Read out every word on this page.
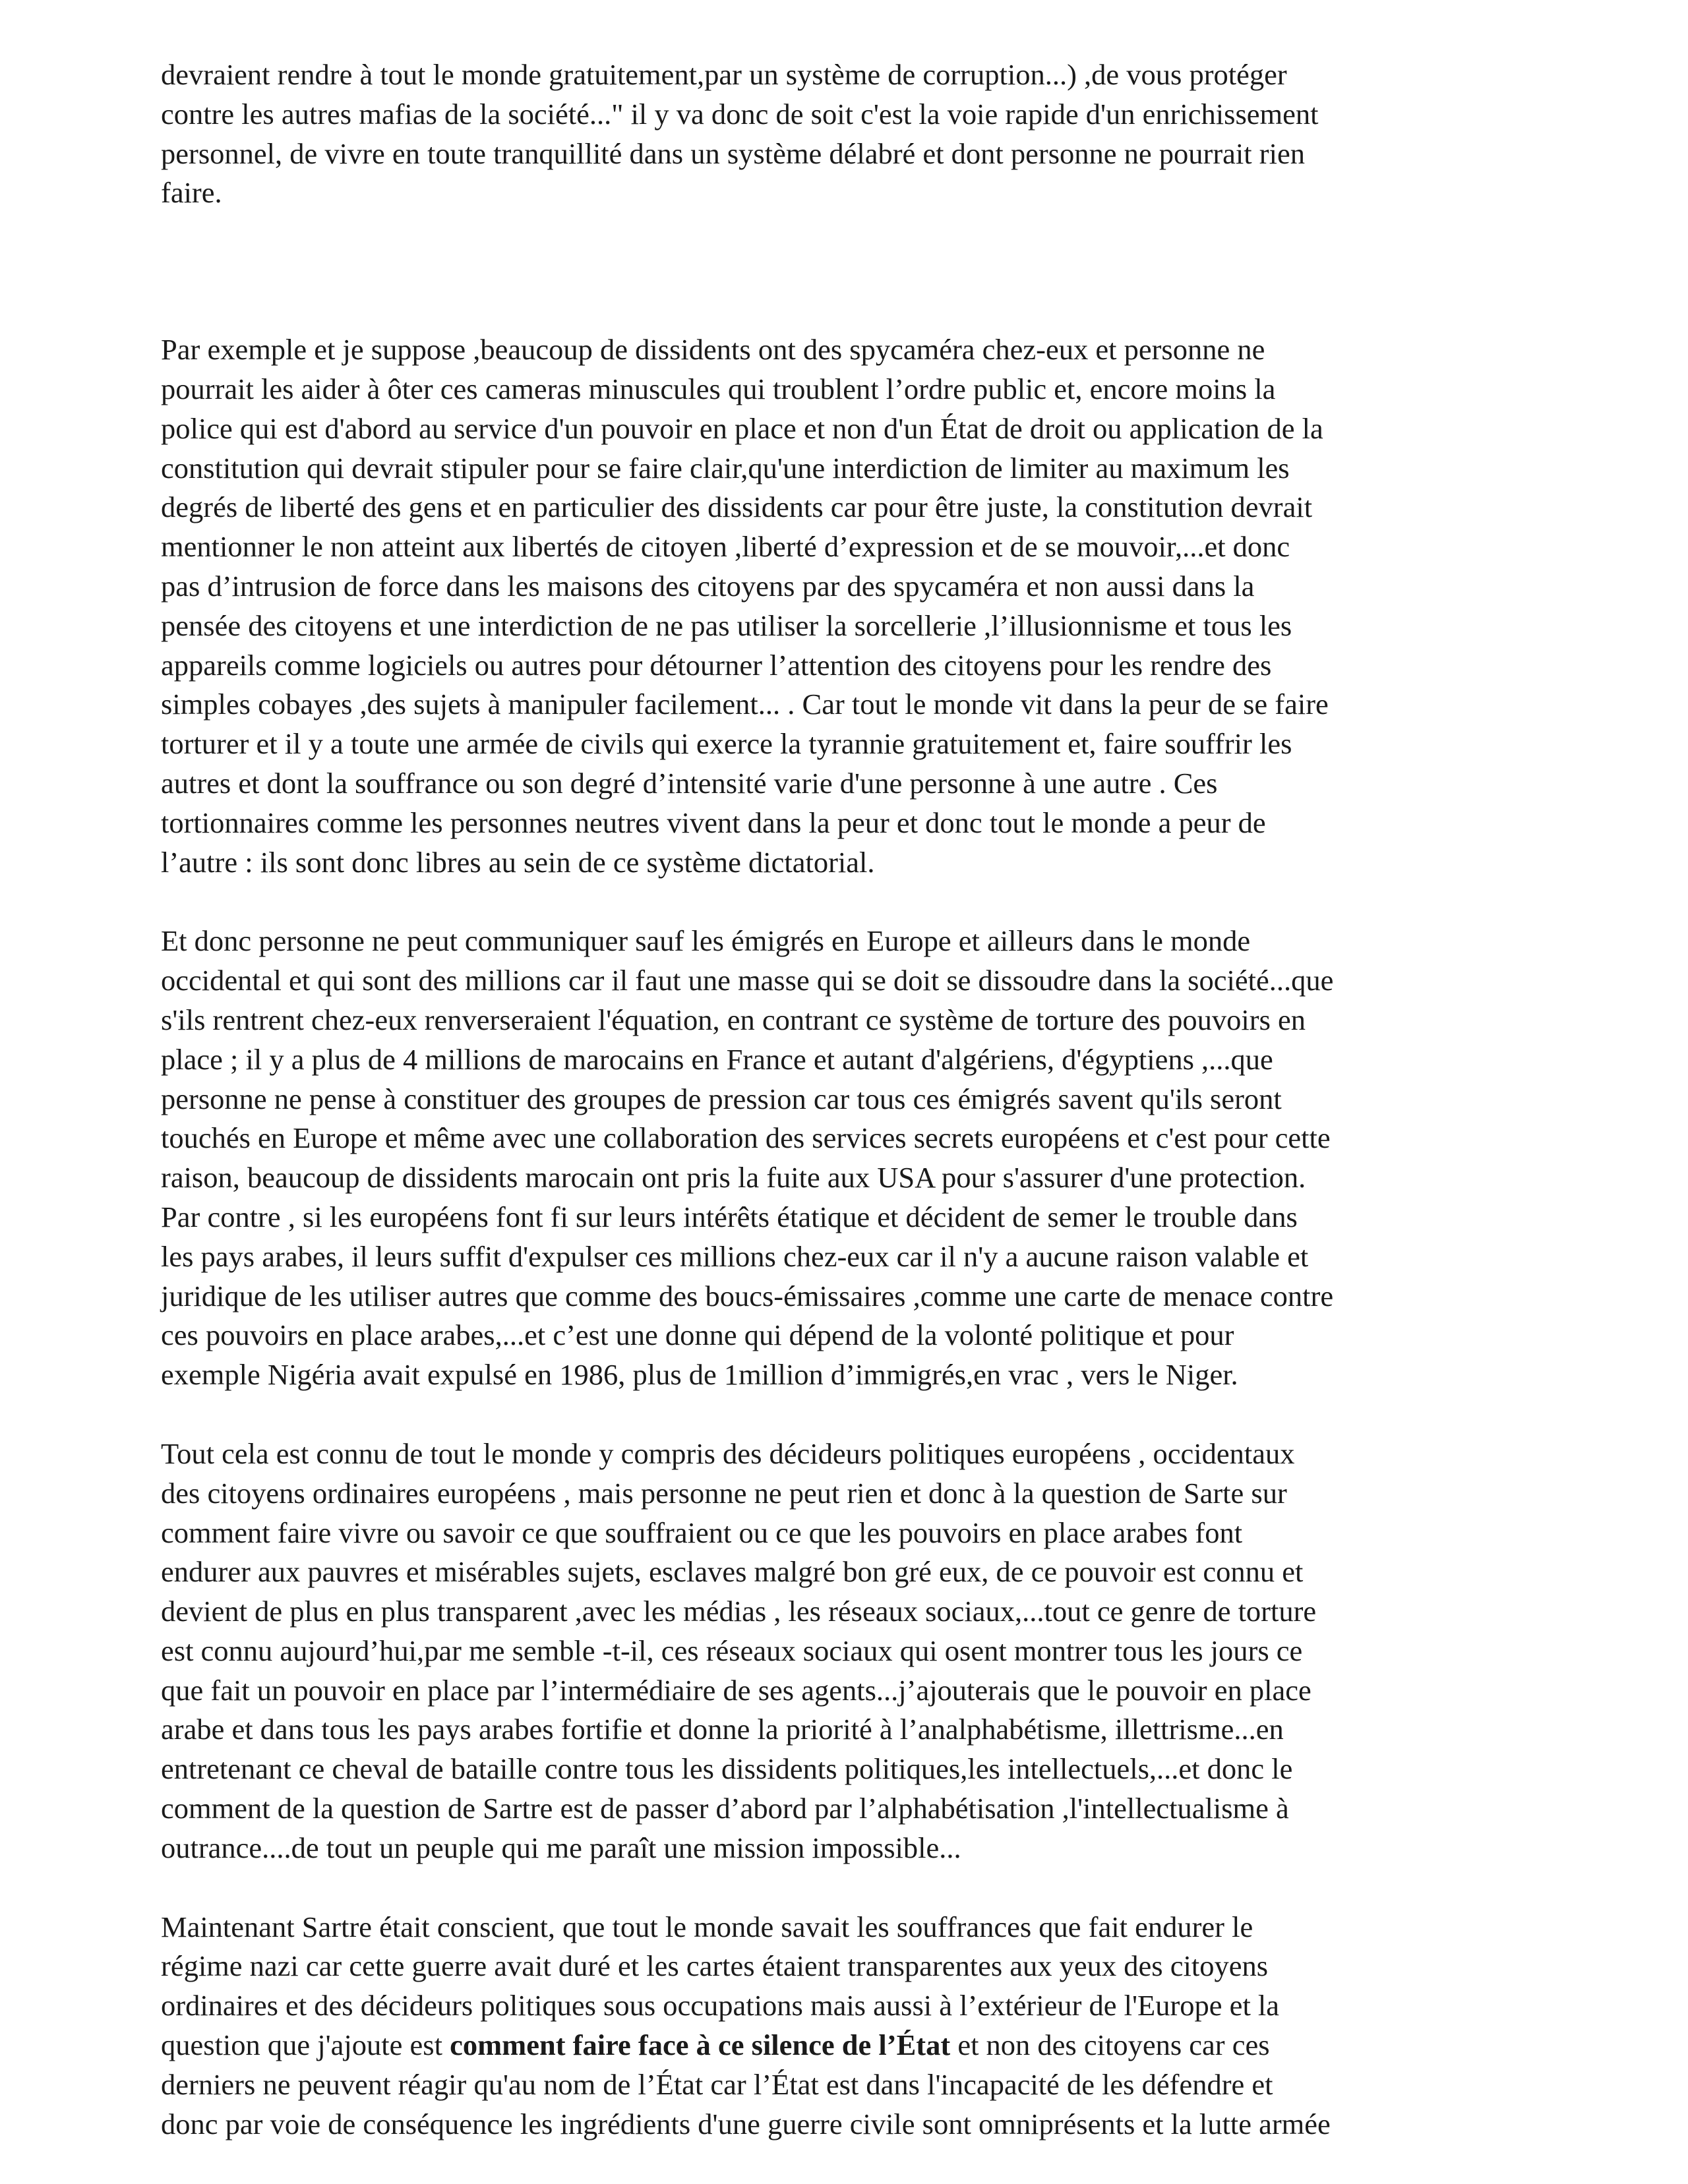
devraient rendre à tout le monde gratuitement,par un système de corruption...) ,de vous protéger
contre les autres mafias de la société..." il y va donc de soit c'est la voie rapide d'un enrichissement
personnel, de vivre en toute tranquillité dans un système délabré et dont personne ne pourrait rien
faire.

Par exemple et je suppose ,beaucoup de dissidents ont des spycaméra chez-eux et personne ne
pourrait les aider à ôter ces cameras minuscules qui troublent l’ordre public et, encore moins la
police qui est d'abord au service d'un pouvoir en place et non d'un État de droit ou application de la
constitution qui devrait stipuler pour se faire clair,qu'une interdiction de limiter au maximum les
degrés de liberté des gens et en particulier des dissidents car pour être juste, la constitution devrait
mentionner le non atteint aux libertés de citoyen ,liberté d’expression et de se mouvoir,...et donc
pas d’intrusion de force dans les maisons des citoyens par des spycaméra et non aussi dans la
pensée des citoyens et une interdiction de ne pas utiliser la sorcellerie ,l’illusionnisme et tous les
appareils comme logiciels ou autres pour détourner l’attention des citoyens pour les rendre des
simples cobayes ,des sujets à manipuler facilement... . Car tout le monde vit dans la peur de se faire
torturer et il y a toute une armée de civils qui exerce la tyrannie gratuitement et, faire souffrir les
autres et dont la souffrance ou son degré d’intensité varie d'une personne à une autre . Ces
tortionnaires comme les personnes neutres vivent dans la peur et donc tout le monde a peur de
l’autre : ils sont donc libres au sein de ce système dictatorial.

Et donc personne ne peut communiquer sauf les émigrés en Europe et ailleurs dans le monde
occidental et qui sont des millions car il faut une masse qui se doit se dissoudre dans la société...que
s'ils rentrent chez-eux renverseraient l'équation, en contrant ce système de torture des pouvoirs en
place ; il y a plus de 4 millions de marocains en France et autant d'algériens, d'égyptiens ,...que
personne ne pense à constituer des groupes de pression car tous ces émigrés savent qu'ils seront
touchés en Europe et même avec une collaboration des services secrets européens et c'est pour cette
raison, beaucoup de dissidents marocain ont pris la fuite aux USA pour s'assurer d'une protection.
Par contre , si les européens font fi sur leurs intérêts étatique et décident de semer le trouble dans
les pays arabes, il leurs suffit d'expulser ces millions chez-eux car il n'y a aucune raison valable et
juridique de les utiliser autres que comme des boucs-émissaires ,comme une carte de menace contre
ces pouvoirs en place arabes,...et c’est une donne qui dépend de la volonté politique et pour
exemple Nigéria avait expulsé en 1986, plus de 1million d’immigrés,en vrac , vers le Niger.

Tout cela est connu de tout le monde y compris des décideurs politiques européens , occidentaux
des citoyens ordinaires européens , mais personne ne peut rien et donc à la question de Sarte sur
comment faire vivre ou savoir ce que souffraient ou ce que les pouvoirs en place arabes font
endurer aux pauvres et misérables sujets, esclaves malgré bon gré eux, de ce pouvoir est connu et
devient de plus en plus transparent ,avec les médias , les réseaux sociaux,...tout ce genre de torture
est connu aujourd’hui,par me semble -t-il, ces réseaux sociaux qui osent montrer tous les jours ce
que fait un pouvoir en place par l’intermédiaire de ses agents...j’ajouterais que le pouvoir en place
arabe et dans tous les pays arabes fortifie et donne la priorité à l’analphabétisme, illettrisme...en
entretenant ce cheval de bataille contre tous les dissidents politiques,les intellectuels,...et donc le
comment de la question de Sartre est de passer d’abord par l’alphabétisation ,l'intellectualisme à
outrance....de tout un peuple qui me paraît une mission impossible...

Maintenant Sartre était conscient, que tout le monde savait les souffrances que fait endurer le
régime nazi car cette guerre avait duré et les cartes étaient transparentes aux yeux des citoyens
ordinaires et des décideurs politiques sous occupations mais aussi à l’extérieur de l'Europe et la
question que j'ajoute est comment faire face à ce silence de l’État et non des citoyens car ces
derniers ne peuvent réagir qu'au nom de l’État car l’État est dans l'incapacité de les défendre et
donc par voie de conséquence les ingrédients d'une guerre civile sont omniprésents et la lutte armée
